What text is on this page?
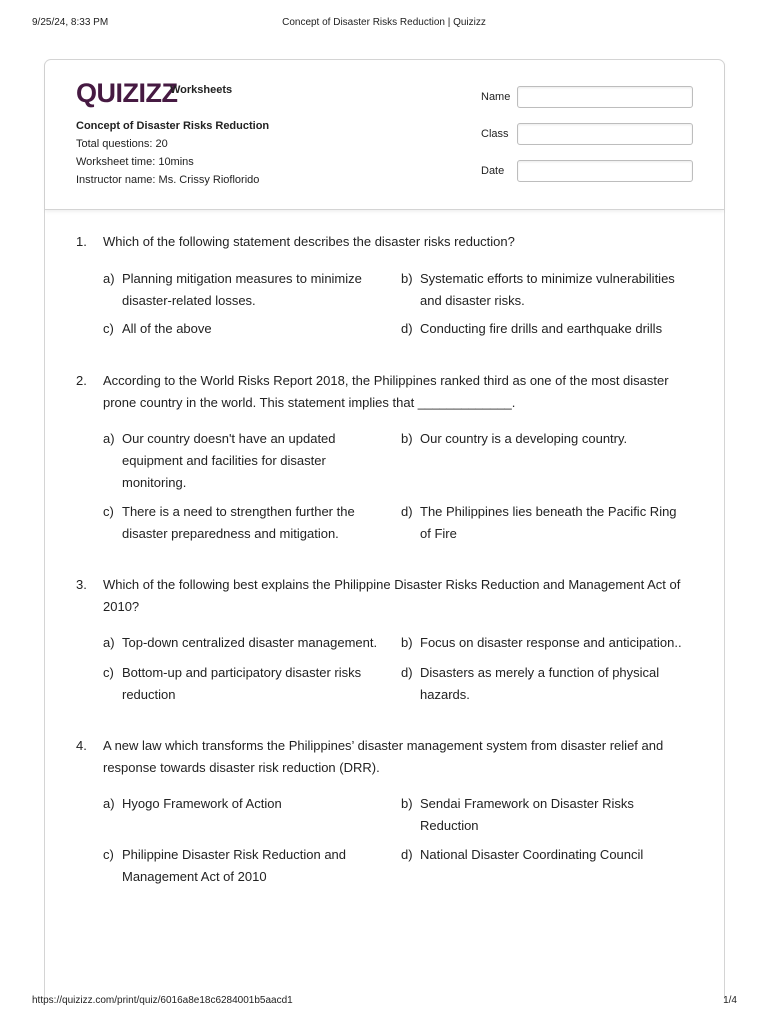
9/25/24, 8:33 PM	Concept of Disaster Risks Reduction | Quizizz
QUIZIZZ
Worksheets
Concept of Disaster Risks Reduction
Total questions: 20
Worksheet time: 10mins
Instructor name: Ms. Crissy Rioflorido
Name
Class
Date
1. Which of the following statement describes the disaster risks reduction?
a) Planning mitigation measures to minimize disaster-related losses.
b) Systematic efforts to minimize vulnerabilities and disaster risks.
c) All of the above	d) Conducting fire drills and earthquake drills
2. According to the World Risks Report 2018, the Philippines ranked third as one of the most disaster prone country in the world. This statement implies that _____________.
a) Our country doesn't have an updated equipment and facilities for disaster monitoring.
b) Our country is a developing country.
c) There is a need to strengthen further the disaster preparedness and mitigation.
d) The Philippines lies beneath the Pacific Ring of Fire
3. Which of the following best explains the Philippine Disaster Risks Reduction and Management Act of 2010?
a) Top-down centralized disaster management.	b) Focus on disaster response and anticipation..
c) Bottom-up and participatory disaster risks reduction
d) Disasters as merely a function of physical hazards.
4. A new law which transforms the Philippines’ disaster management system from disaster relief and response towards disaster risk reduction (DRR).
a) Hyogo Framework of Action	b) Sendai Framework on Disaster Risks Reduction
c) Philippine Disaster Risk Reduction and Management Act of 2010
d) National Disaster Coordinating Council
https://quizizz.com/print/quiz/6016a8e18c6284001b5aacd1	1/4
